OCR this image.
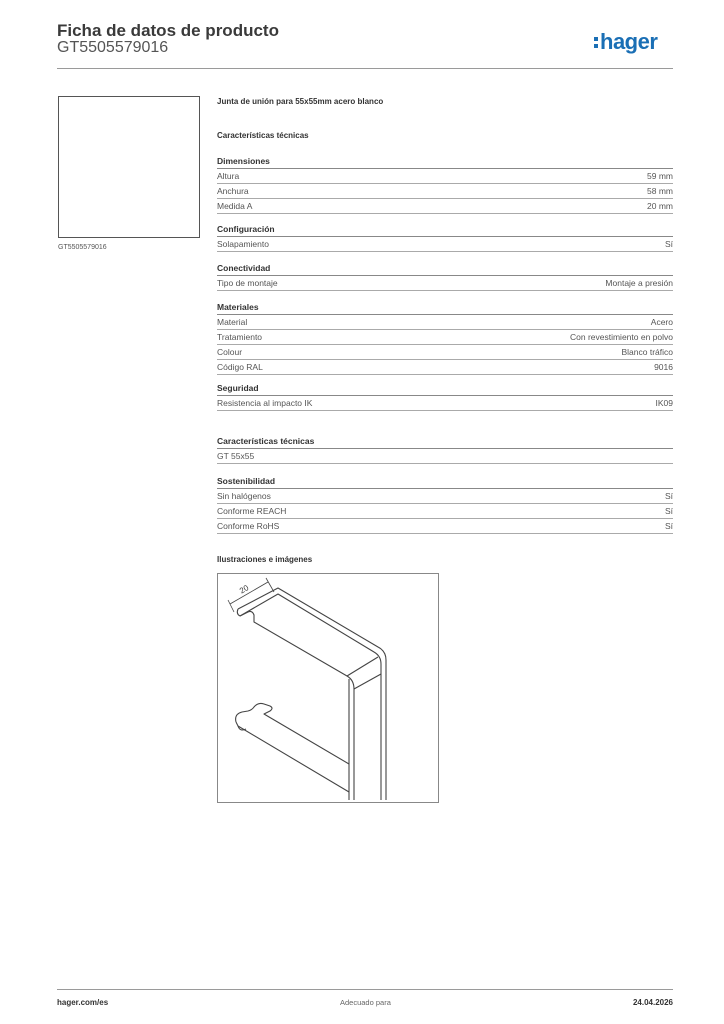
Ficha de datos de producto
GT5505579016	hager
GT5505579016
Junta de unión para 55x55mm acero blanco
Características técnicas
Dimensiones
Altura	59 mm
Anchura	58 mm
Medida A	20 mm
Configuración
Solapamiento	Sí
Conectividad
Tipo de montaje	Montaje a presión
Materiales
Material	Acero
Tratamiento	Con revestimiento en polvo
Colour	Blanco tráfico
Código RAL	9016
Seguridad
Resistencia al impacto IK	IK09
Características técnicas
GT 55x55
Sostenibilidad
Sin halógenos	Sí
Conforme REACH	Sí
Conforme RoHS	Sí
Ilustraciones e imágenes
20
hager.com/es	Adecuado para	24.04.2026
